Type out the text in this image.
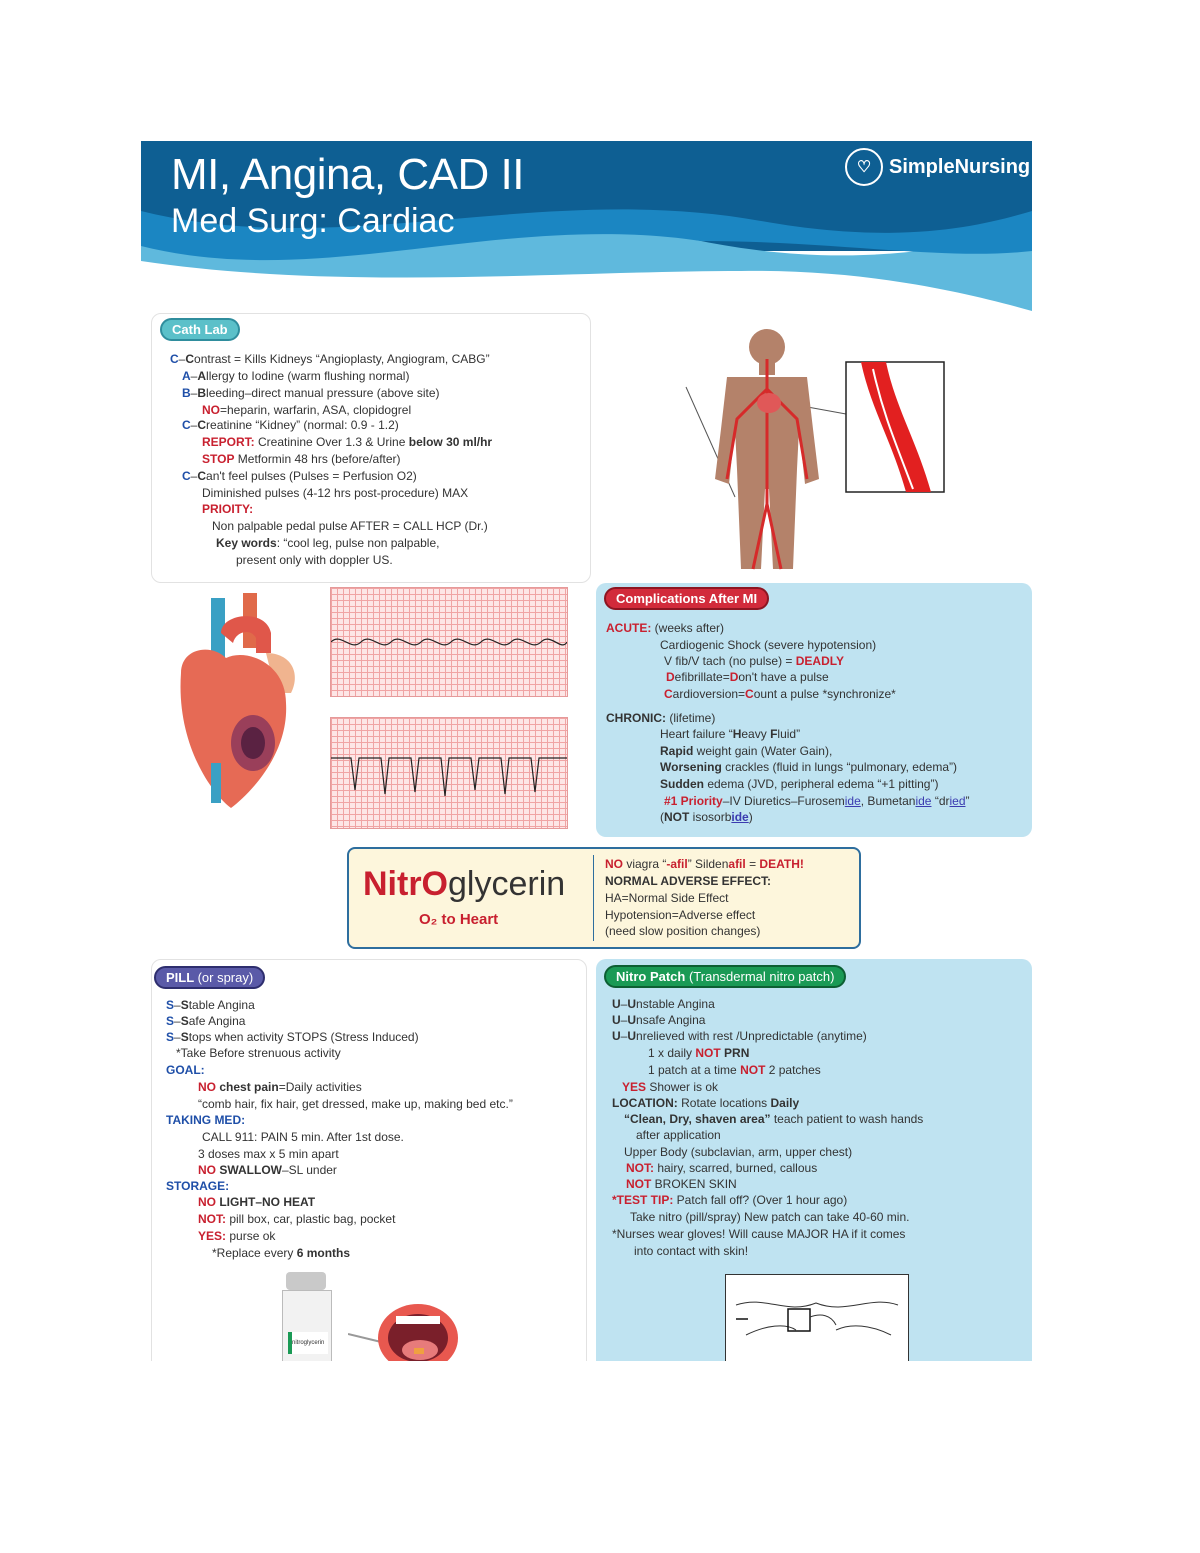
MI, Angina, CAD II
Med Surg: Cardiac
♡ SimpleNursing
Cath Lab
C–Contrast = Kills Kidneys “Angioplasty, Angiogram, CABG”
A–Allergy to Iodine (warm flushing normal)
B–Bleeding–direct manual pressure (above site)
NO=heparin, warfarin, ASA, clopidogrel
C–Creatinine “Kidney” (normal: 0.9 - 1.2)
REPORT: Creatinine Over 1.3 & Urine below 30 ml/hr
STOP Metformin 48 hrs (before/after)
C–Can't feel pulses (Pulses = Perfusion O2)
Diminished pulses (4-12 hrs post-procedure) MAX
PRIOITY:
Non palpable pedal pulse AFTER = CALL HCP (Dr.)
Key words: “cool leg, pulse non palpable,
present only with doppler US.
Complications After MI
ACUTE: (weeks after)
Cardiogenic Shock (severe hypotension)
V fib/V tach (no pulse) = DEADLY
Defibrillate=Don't have a pulse
Cardioversion=Count a pulse *synchronize*
CHRONIC: (lifetime)
Heart failure “Heavy Fluid”
Rapid weight gain (Water Gain),
Worsening crackles (fluid in lungs “pulmonary, edema”)
Sudden edema (JVD, peripheral edema “+1 pitting”)
#1 Priority–IV Diuretics–Furosemide, Bumetanide “dried”
(NOT isosorbide)
NitrOglycerin
O₂ to Heart
NO viagra “-afil” Sildenafil = DEATH!
NORMAL ADVERSE EFFECT:
HA=Normal Side Effect
Hypotension=Adverse effect
(need slow position changes)
PILL (or spray)
S–Stable Angina
S–Safe Angina
S–Stops when activity STOPS (Stress Induced)
*Take Before strenuous activity
GOAL:
NO chest pain=Daily activities
“comb hair, fix hair, get dressed, make up, making bed etc.”
TAKING MED:
CALL 911: PAIN 5 min. After 1st dose.
3 doses max x 5 min apart
NO SWALLOW–SL under
STORAGE:
NO LIGHT–NO HEAT
NOT: pill box, car, plastic bag, pocket
YES: purse ok
*Replace every 6 months
nitroglycerin
Nitro Patch (Transdermal nitro patch)
U–Unstable Angina
U–Unsafe Angina
U–Unrelieved with rest /Unpredictable (anytime)
1 x daily NOT PRN
1 patch at a time NOT 2 patches
YES Shower is ok
LOCATION: Rotate locations Daily
“Clean, Dry, shaven area” teach patient to wash hands
after application
Upper Body (subclavian, arm, upper chest)
NOT: hairy, scarred, burned, callous
NOT BROKEN SKIN
*TEST TIP: Patch fall off? (Over 1 hour ago)
Take nitro (pill/spray) New patch can take 40-60 min.
*Nurses wear gloves! Will cause MAJOR HA if it comes
into contact with skin!
